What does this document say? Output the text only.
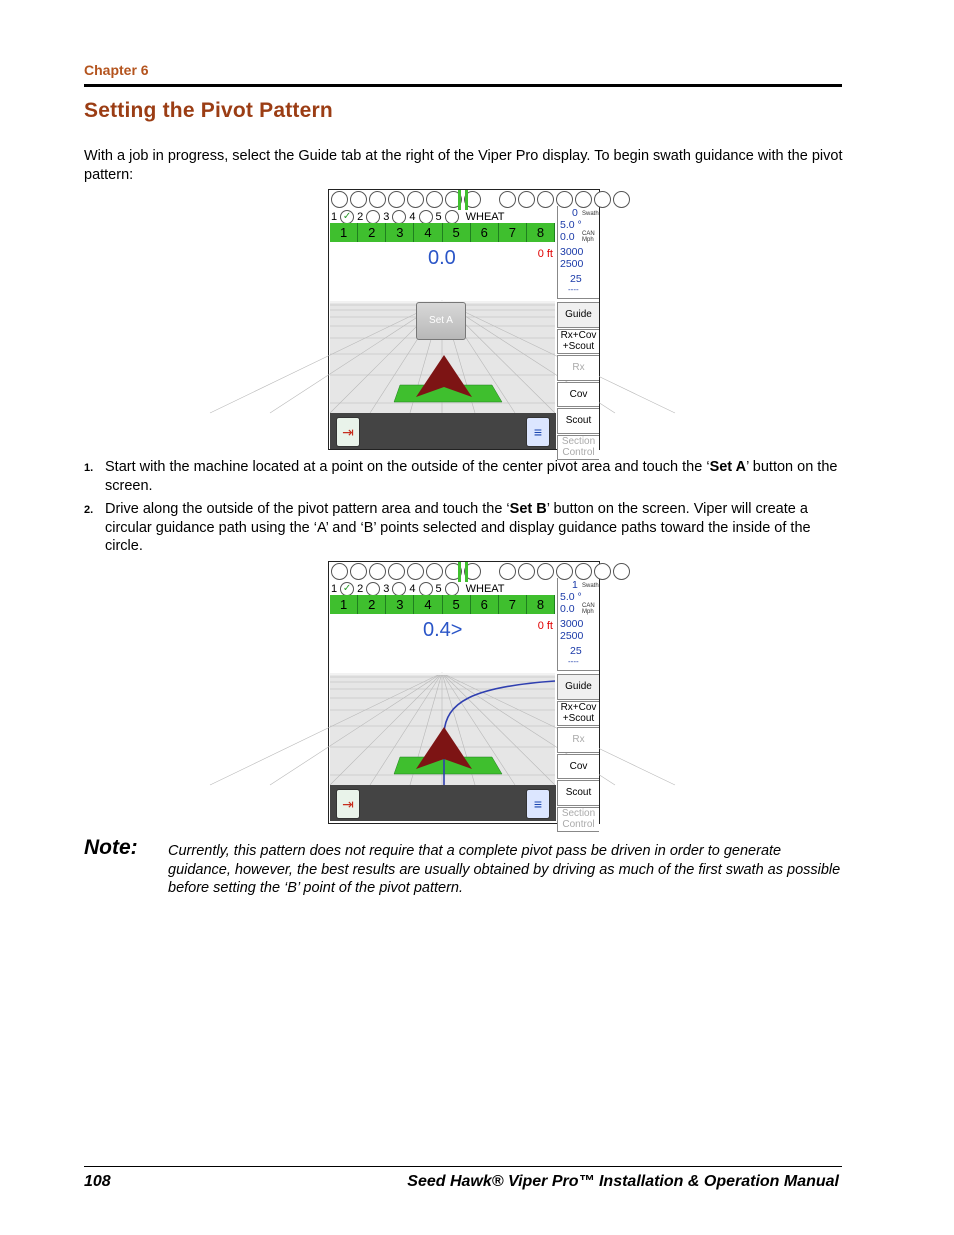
Chapter 6
Setting the Pivot Pattern
With a job in progress, select the Guide tab at the right of the Viper Pro display. To begin swath guidance with the pivot pattern:
1 ✓ 2 3 4 5 WHEAT
1	2	3	4	5	6	7	8
0.0	0 ft
0 Swath
5.0 °
0.0 CAN
Mph
3000
2500
25
----
Set A
Guide
Rx+Cov +Scout
Rx
Cov
Scout
Section Control
⇥	≡
1. Start with the machine located at a point on the outside of the center pivot area and touch the ‘Set A’ button on the screen.
2. Drive along the outside of the pivot pattern area and touch the ‘Set B’ button on the screen. Viper will create a circular guidance path using the ‘A’ and ‘B’ points selected and display guidance paths toward the inside of the circle.
1 ✓ 2 3 4 5 WHEAT
1	2	3	4	5	6	7	8
0.4>	0 ft
1 Swath
5.0 °
0.0 CAN
Mph
3000
2500
25
----
Guide
Rx+Cov +Scout
Rx
Cov
Scout
Section Control
⇥	≡
Note: Currently, this pattern does not require that a complete pivot pass be driven in order to generate guidance, however, the best results are usually obtained by driving as much of the first swath as possible before setting the ‘B’ point of the pivot pattern.
108	Seed Hawk® Viper Pro™ Installation & Operation Manual
